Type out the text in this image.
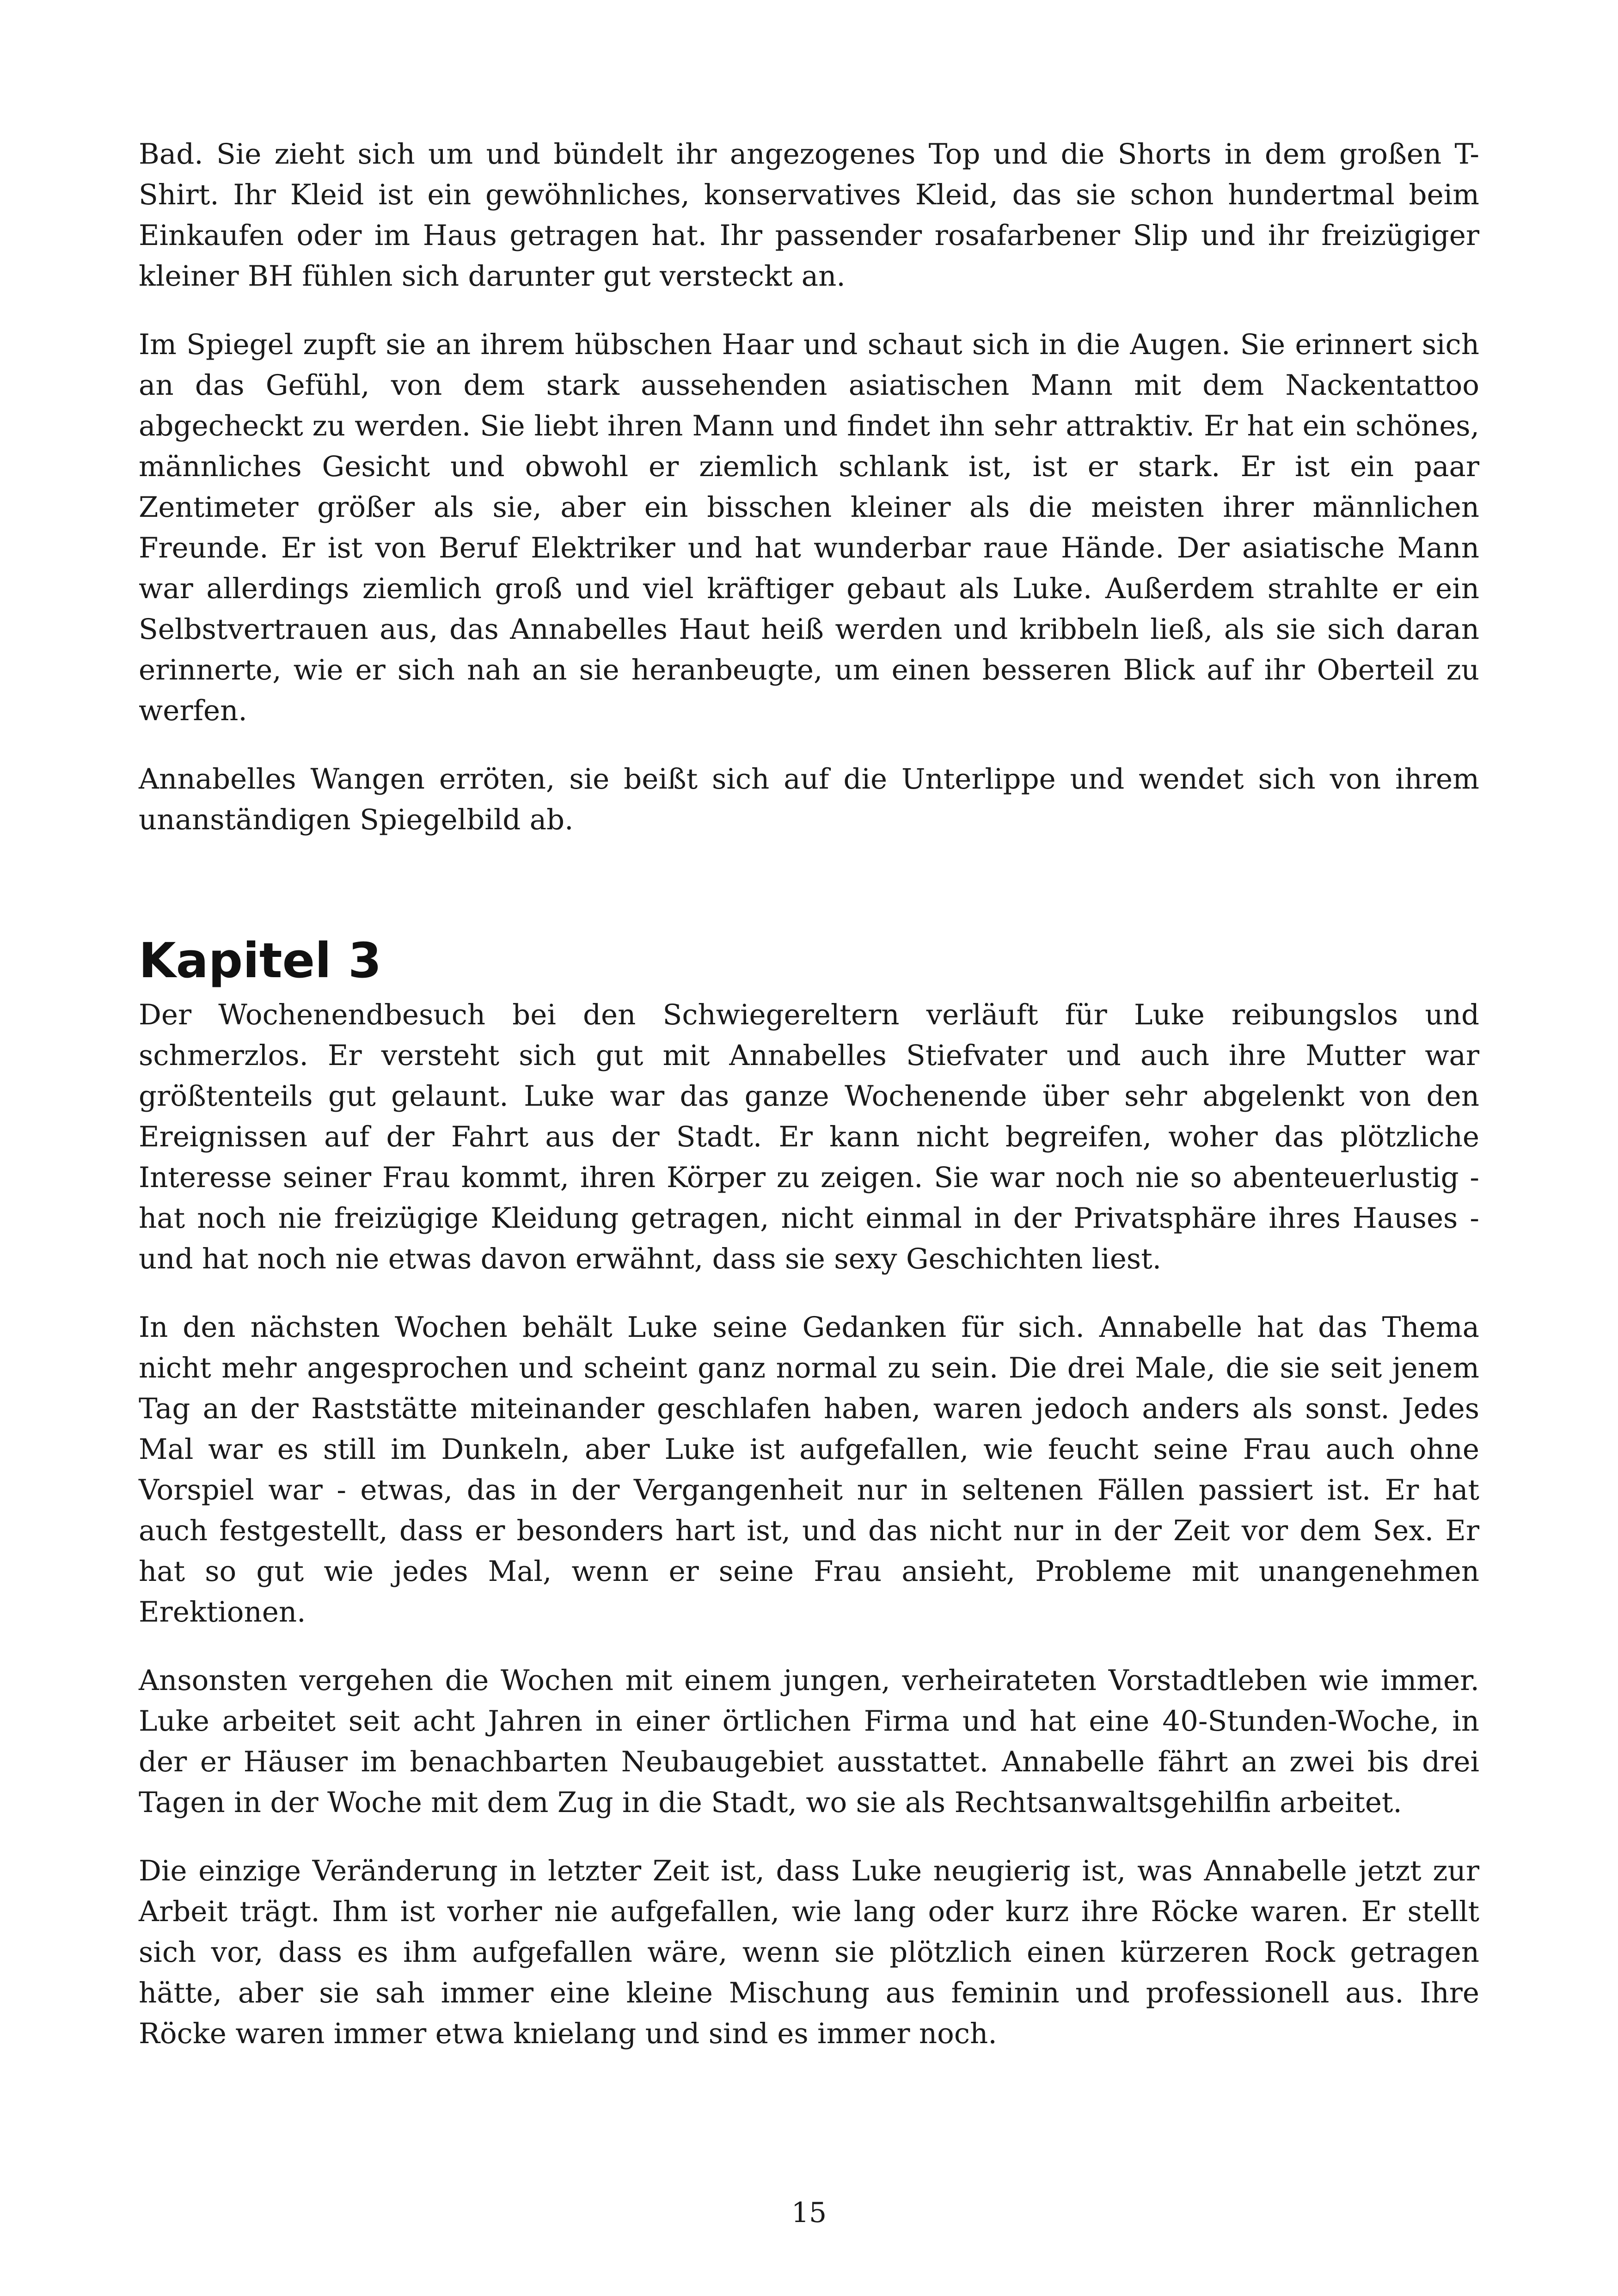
Bad. Sie zieht sich um und bündelt ihr angezogenes Top und die Shorts in dem großen T-Shirt. Ihr Kleid ist ein gewöhnliches, konservatives Kleid, das sie schon hundertmal beim Einkaufen oder im Haus getragen hat. Ihr passender rosafarbener Slip und ihr freizügiger kleiner BH fühlen sich darunter gut versteckt an.

Im Spiegel zupft sie an ihrem hübschen Haar und schaut sich in die Augen. Sie erinnert sich an das Gefühl, von dem stark aussehenden asiatischen Mann mit dem Nackentattoo abgecheckt zu werden. Sie liebt ihren Mann und findet ihn sehr attraktiv. Er hat ein schönes, männliches Gesicht und obwohl er ziemlich schlank ist, ist er stark. Er ist ein paar Zentimeter größer als sie, aber ein bisschen kleiner als die meisten ihrer männlichen Freunde. Er ist von Beruf Elektriker und hat wunderbar raue Hände. Der asiatische Mann war allerdings ziemlich groß und viel kräftiger gebaut als Luke. Außerdem strahlte er ein Selbstvertrauen aus, das Annabelles Haut heiß werden und kribbeln ließ, als sie sich daran erinnerte, wie er sich nah an sie heranbeugte, um einen besseren Blick auf ihr Oberteil zu werfen.

Annabelles Wangen erröten, sie beißt sich auf die Unterlippe und wendet sich von ihrem unanständigen Spiegelbild ab.

Kapitel 3

Der Wochenendbesuch bei den Schwiegereltern verläuft für Luke reibungslos und schmerzlos. Er versteht sich gut mit Annabelles Stiefvater und auch ihre Mutter war größtenteils gut gelaunt. Luke war das ganze Wochenende über sehr abgelenkt von den Ereignissen auf der Fahrt aus der Stadt. Er kann nicht begreifen, woher das plötzliche Interesse seiner Frau kommt, ihren Körper zu zeigen. Sie war noch nie so abenteuerlustig - hat noch nie freizügige Kleidung getragen, nicht einmal in der Privatsphäre ihres Hauses - und hat noch nie etwas davon erwähnt, dass sie sexy Geschichten liest.

In den nächsten Wochen behält Luke seine Gedanken für sich. Annabelle hat das Thema nicht mehr angesprochen und scheint ganz normal zu sein. Die drei Male, die sie seit jenem Tag an der Raststätte miteinander geschlafen haben, waren jedoch anders als sonst. Jedes Mal war es still im Dunkeln, aber Luke ist aufgefallen, wie feucht seine Frau auch ohne Vorspiel war - etwas, das in der Vergangenheit nur in seltenen Fällen passiert ist. Er hat auch festgestellt, dass er besonders hart ist, und das nicht nur in der Zeit vor dem Sex. Er hat so gut wie jedes Mal, wenn er seine Frau ansieht, Probleme mit unangenehmen Erektionen.

Ansonsten vergehen die Wochen mit einem jungen, verheirateten Vorstadtleben wie immer. Luke arbeitet seit acht Jahren in einer örtlichen Firma und hat eine 40-Stunden-Woche, in der er Häuser im benachbarten Neubaugebiet ausstattet. Annabelle fährt an zwei bis drei Tagen in der Woche mit dem Zug in die Stadt, wo sie als Rechtsanwaltsgehilfin arbeitet.

Die einzige Veränderung in letzter Zeit ist, dass Luke neugierig ist, was Annabelle jetzt zur Arbeit trägt. Ihm ist vorher nie aufgefallen, wie lang oder kurz ihre Röcke waren. Er stellt sich vor, dass es ihm aufgefallen wäre, wenn sie plötzlich einen kürzeren Rock getragen hätte, aber sie sah immer eine kleine Mischung aus feminin und professionell aus. Ihre Röcke waren immer etwa knielang und sind es immer noch.

15
